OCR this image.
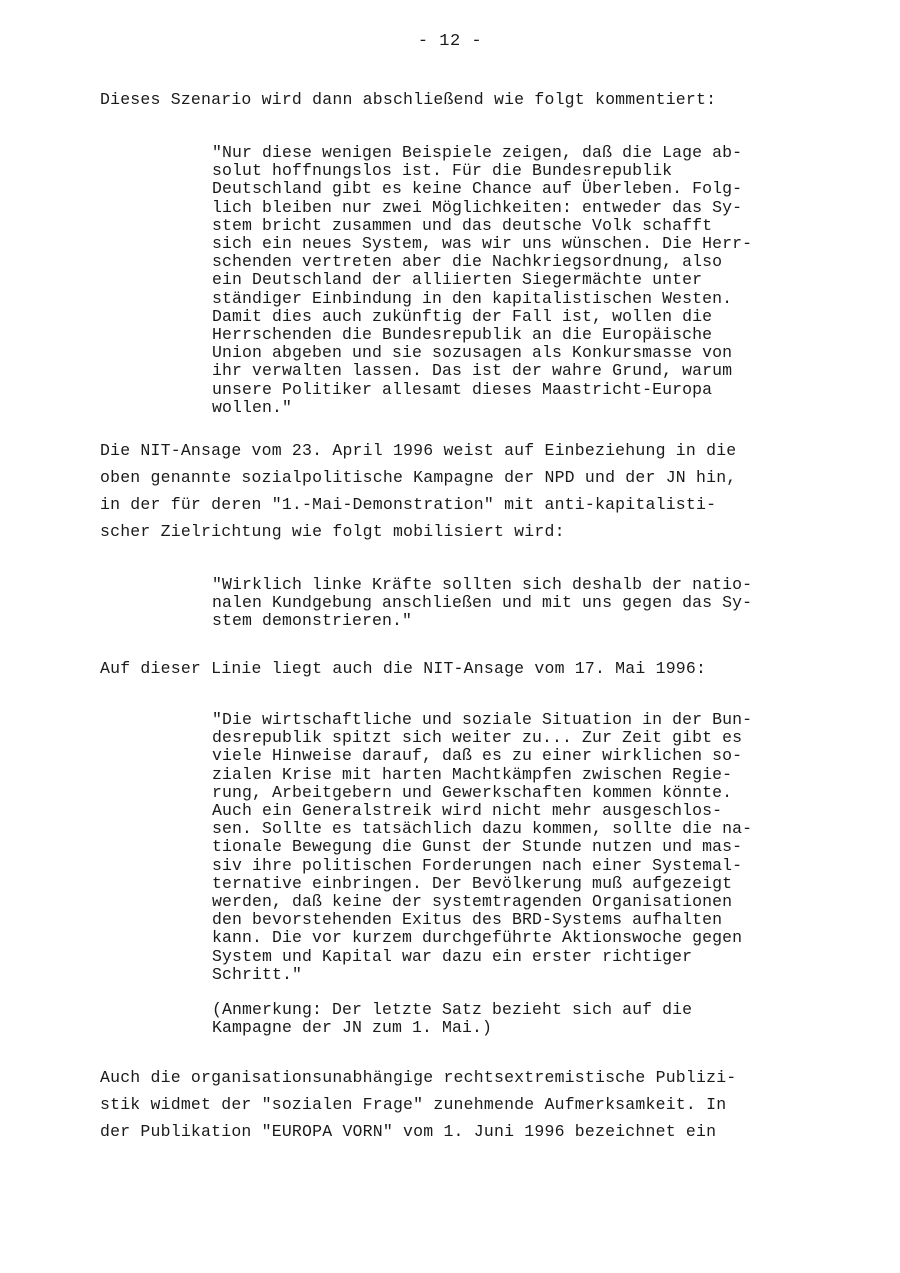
- 12 -
Dieses Szenario wird dann abschließend wie folgt kommentiert:
"Nur diese wenigen Beispiele zeigen, daß die Lage ab-
solut hoffnungslos ist. Für die Bundesrepublik
Deutschland gibt es keine Chance auf Überleben. Folg-
lich bleiben nur zwei Möglichkeiten: entweder das Sy-
stem bricht zusammen und das deutsche Volk schafft
sich ein neues System, was wir uns wünschen. Die Herr-
schenden vertreten aber die Nachkriegsordnung, also
ein Deutschland der alliierten Siegermächte unter
ständiger Einbindung in den kapitalistischen Westen.
Damit dies auch zukünftig der Fall ist, wollen die
Herrschenden die Bundesrepublik an die Europäische
Union abgeben und sie sozusagen als Konkursmasse von
ihr verwalten lassen. Das ist der wahre Grund, warum
unsere Politiker allesamt dieses Maastricht-Europa
wollen."
Die NIT-Ansage vom 23. April 1996 weist auf Einbeziehung in die
oben genannte sozialpolitische Kampagne der NPD und der JN hin,
in der für deren "1.-Mai-Demonstration" mit anti-kapitalisti-
scher Zielrichtung wie folgt mobilisiert wird:
"Wirklich linke Kräfte sollten sich deshalb der natio-
nalen Kundgebung anschließen und mit uns gegen das Sy-
stem demonstrieren."
Auf dieser Linie liegt auch die NIT-Ansage vom 17. Mai 1996:
"Die wirtschaftliche und soziale Situation in der Bun-
desrepublik spitzt sich weiter zu... Zur Zeit gibt es
viele Hinweise darauf, daß es zu einer wirklichen so-
zialen Krise mit harten Machtkämpfen zwischen Regie-
rung, Arbeitgebern und Gewerkschaften kommen könnte.
Auch ein Generalstreik wird nicht mehr ausgeschlos-
sen. Sollte es tatsächlich dazu kommen, sollte die na-
tionale Bewegung die Gunst der Stunde nutzen und mas-
siv ihre politischen Forderungen nach einer Systemal-
ternative einbringen. Der Bevölkerung muß aufgezeigt
werden, daß keine der systemtragenden Organisationen
den bevorstehenden Exitus des BRD-Systems aufhalten
kann. Die vor kurzem durchgeführte Aktionswoche gegen
System und Kapital war dazu ein erster richtiger
Schritt."
(Anmerkung: Der letzte Satz bezieht sich auf die
Kampagne der JN zum 1. Mai.)
Auch die organisationsunabhängige rechtsextremistische Publizi-
stik widmet der "sozialen Frage" zunehmende Aufmerksamkeit. In
der Publikation "EUROPA VORN" vom 1. Juni 1996 bezeichnet ein
